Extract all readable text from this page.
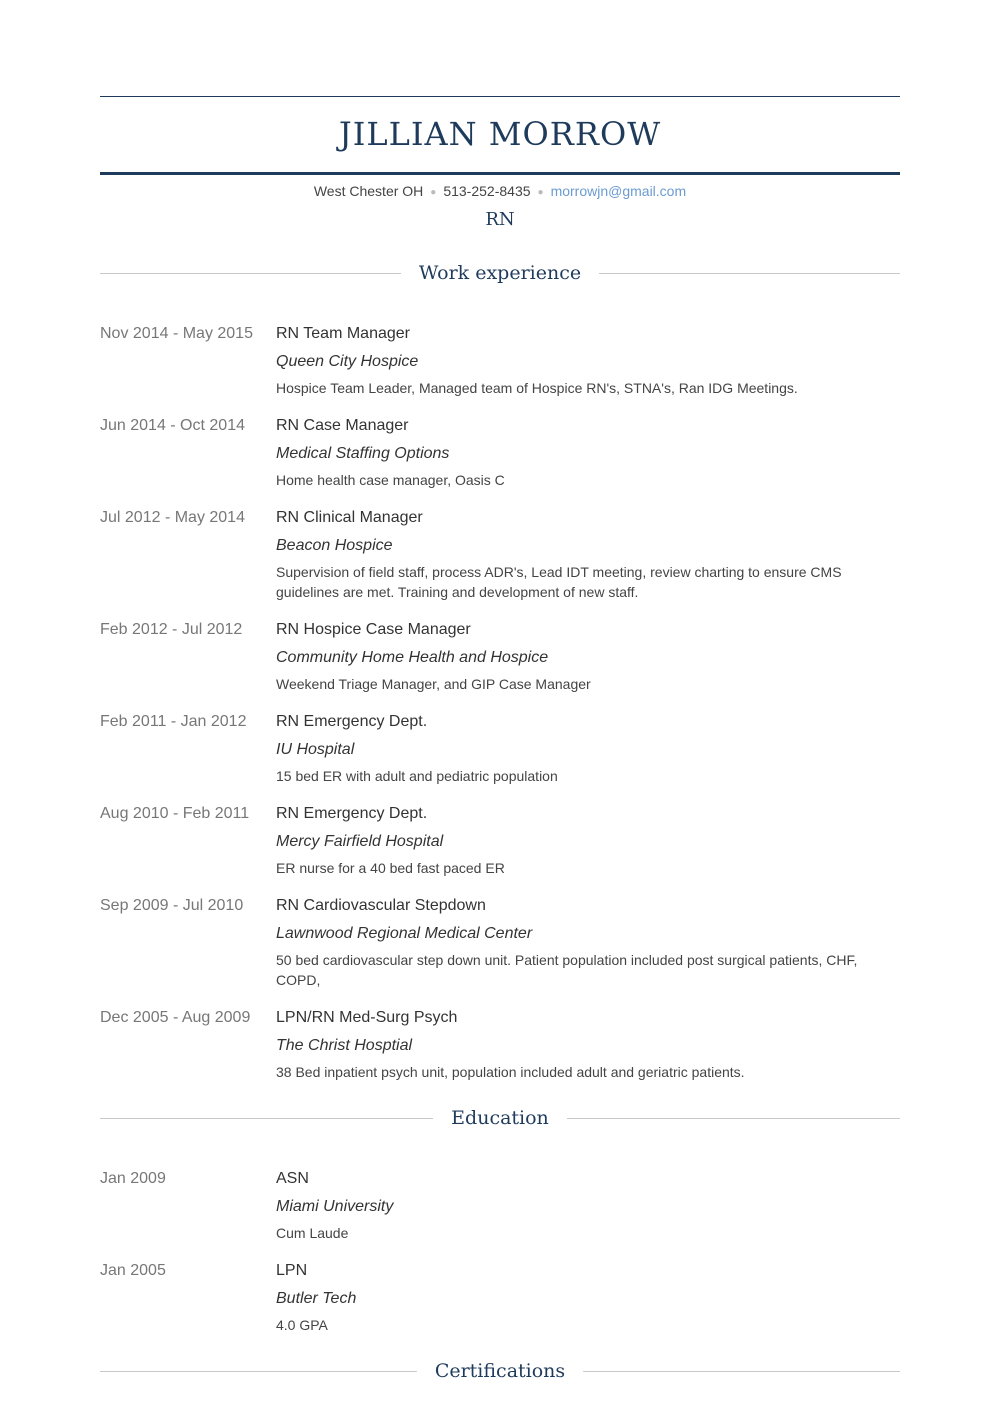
JILLIAN MORROW
West Chester OH ● 513-252-8435 ● morrowjn@gmail.com
RN
Work experience
Nov 2014 - May 2015	RN Team Manager
Queen City Hospice
Hospice Team Leader, Managed team of Hospice RN's, STNA's, Ran IDG Meetings.
Jun 2014 - Oct 2014	RN Case Manager
Medical Staffing Options
Home health case manager, Oasis C
Jul 2012 - May 2014	RN Clinical Manager
Beacon Hospice
Supervision of field staff, process ADR's, Lead IDT meeting, review charting to ensure CMS guidelines are met. Training and development of new staff.
Feb 2012 - Jul 2012	RN Hospice Case Manager
Community Home Health and Hospice
Weekend Triage Manager, and GIP Case Manager
Feb 2011 - Jan 2012	RN Emergency Dept.
IU Hospital
15 bed ER with adult and pediatric population
Aug 2010 - Feb 2011	RN Emergency Dept.
Mercy Fairfield Hospital
ER nurse for a 40 bed fast paced ER
Sep 2009 - Jul 2010	RN Cardiovascular Stepdown
Lawnwood Regional Medical Center
50 bed cardiovascular step down unit. Patient population included post surgical patients, CHF, COPD,
Dec 2005 - Aug 2009	LPN/RN Med-Surg Psych
The Christ Hosptial
38 Bed inpatient psych unit, population included adult and geriatric patients.
Education
Jan 2009	ASN
Miami University
Cum Laude
Jan 2005	LPN
Butler Tech
4.0 GPA
Certifications
